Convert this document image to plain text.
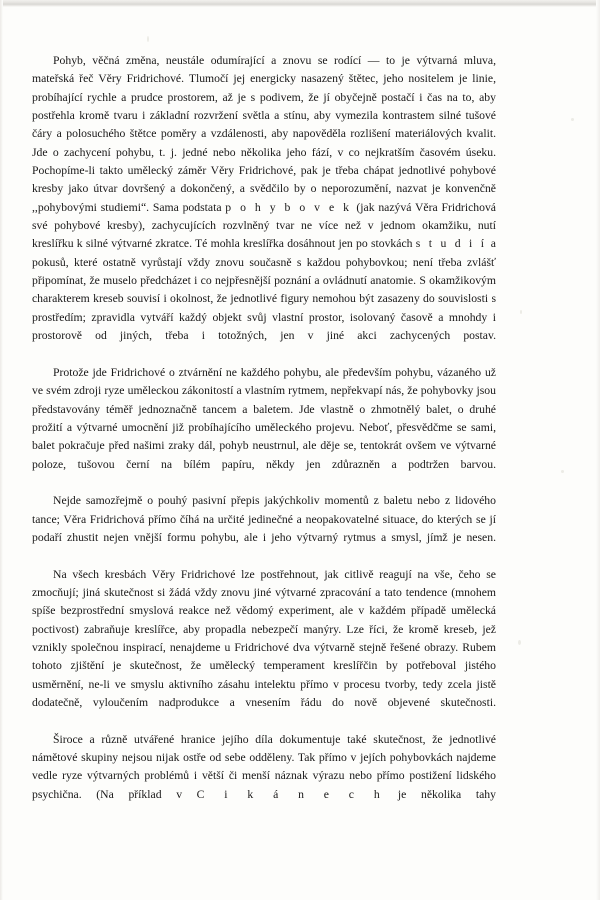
Pohyb, věčná změna, neustále odumírající a znovu se rodící — to je výtvarná mluva, mateřská řeč Věry Fridrichové. Tlumočí jej energicky nasazený štětec, jeho nositelem je linie, probíhající rychle a prudce prostorem, až je s podivem, že jí obyčejně postačí i čas na to, aby postřehla kromě tvaru i základní rozvržení světla a stínu, aby vymezila kontrastem silné tušové čáry a polosuchého štětce poměry a vzdálenosti, aby napověděla rozlišení materiálových kvalit. Jde o zachycení pohybu, t. j. jedné nebo několika jeho fází, v co nejkratším časovém úseku. Pochopíme-li takto umělecký záměr Věry Fridrichové, pak je třeba chápat jednotlivé pohybové kresby jako útvar dovršený a dokončený, a svědčilo by o neporozumění, nazvat je konvenčně ,,pohybovými studiemi“. Sama podstata p o h y b o v e k (jak nazývá Věra Fridrichová své pohybové kresby), zachycujících rozvlněný tvar ne více než v jednom okamžiku, nutí kreslířku k silné výtvarné zkratce. Té mohla kreslířka dosáhnout jen po stovkách s t u d i í a pokusů, které ostatně vyrůstají vždy znovu současně s každou pohybovkou; není třeba zvlášť připomínat, že muselo předcházet i co nejpřesnější poznání a ovládnutí anatomie. S okamžikovým charakterem kreseb souvisí i okolnost, že jednotlivé figury nemohou být zasazeny do souvislosti s prostředím; zpravidla vytváří každý objekt svůj vlastní prostor, isolovaný časově a mnohdy i prostorově od jiných, třeba i totožných, jen v jiné akci zachycených postav.

Protože jde Fridrichové o ztvárnění ne každého pohybu, ale především pohybu, vázaného už ve svém zdroji ryze uměleckou zákonitostí a vlastním rytmem, nepřekvapí nás, že pohybovky jsou představovány téměř jednoznačně tancem a baletem. Jde vlastně o zhmotnělý balet, o druhé prožití a výtvarné umocnění již probíhajícího uměleckého projevu. Neboť, přesvědčme se sami, balet pokračuje před našimi zraky dál, pohyb neustrnul, ale děje se, tentokrát ovšem ve výtvarné poloze, tušovou černí na bílém papíru, někdy jen zdůrazněn a podtržen barvou.

Nejde samozřejmě o pouhý pasivní přepis jakýchkoliv momentů z baletu nebo z lidového tance; Věra Fridrichová přímo číhá na určité jedinečné a neopakovatelné situace, do kterých se jí podaří zhustit nejen vnější formu pohybu, ale i jeho výtvarný rytmus a smysl, jímž je nesen.

Na všech kresbách Věry Fridrichové lze postřehnout, jak citlivě reagují na vše, čeho se zmocňují; jiná skutečnost si žádá vždy znovu jiné výtvarné zpracování a tato tendence (mnohem spíše bezprostřední smyslová reakce než vědomý experiment, ale v každém případě umělecká poctivost) zabraňuje kreslířce, aby propadla nebezpečí manýry. Lze říci, že kromě kreseb, jež vznikly společnou inspirací, nenajdeme u Fridrichové dva výtvarně stejně řešené obrazy. Rubem tohoto zjištění je skutečnost, že umělecký temperament kreslířčin by potřeboval jistého usměrnění, ne-li ve smyslu aktivního zásahu intelektu přímo v procesu tvorby, tedy zcela jistě dodatečně, vyloučením nadprodukce a vnesením řádu do nově objevené skutečnosti.

Široce a různě utvářené hranice jejího díla dokumentuje také skutečnost, že jednotlivé námětové skupiny nejsou nijak ostře od sebe odděleny. Tak přímo v jejích pohybovkách najdeme vedle ryze výtvarných problémů i větší či menší náznak výrazu nebo přímo postižení lidského psychična. (Na příklad v C i k á n e c h je několika tahy
